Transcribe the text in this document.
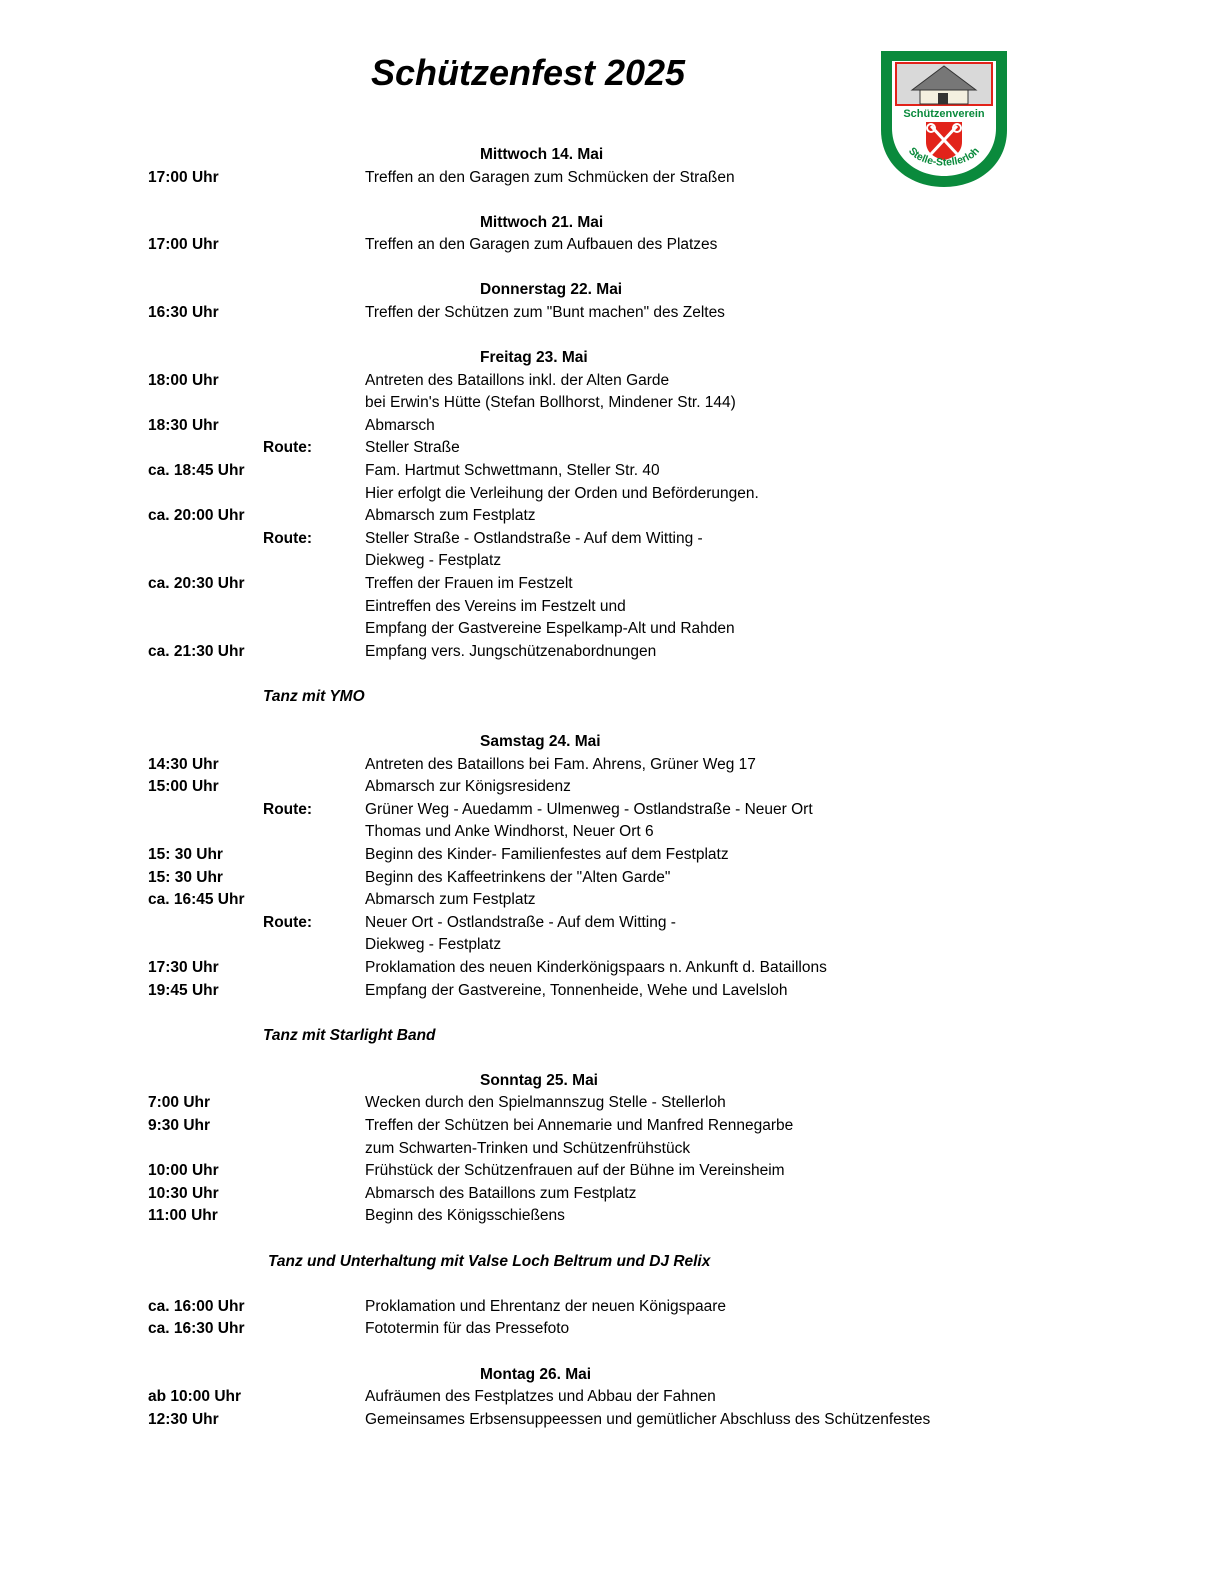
Schützenfest 2025
Schützenverein
Stelle-Stellerloh
Mittwoch 14. Mai
17:00 Uhr	Treffen an den Garagen zum Schmücken der Straßen
Mittwoch 21. Mai
17:00 Uhr	Treffen an den Garagen zum Aufbauen des Platzes
Donnerstag 22. Mai
16:30 Uhr	Treffen der Schützen zum "Bunt machen" des Zeltes
Freitag 23. Mai
18:00 Uhr	Antreten des Bataillons inkl. der Alten Garde
bei Erwin's Hütte (Stefan Bollhorst, Mindener Str. 144)
18:30 Uhr	Abmarsch
Route:	Steller Straße
ca. 18:45 Uhr	Fam. Hartmut Schwettmann, Steller Str. 40
Hier erfolgt die Verleihung der Orden und Beförderungen.
ca. 20:00 Uhr	Abmarsch zum Festplatz
Route:	Steller Straße - Ostlandstraße - Auf dem Witting -
Diekweg - Festplatz
ca. 20:30 Uhr	Treffen der Frauen im Festzelt
Eintreffen des Vereins im Festzelt und
Empfang der Gastvereine Espelkamp-Alt und Rahden
ca. 21:30 Uhr	Empfang vers. Jungschützenabordnungen
Tanz mit YMO
Samstag 24. Mai
14:30 Uhr	Antreten des Bataillons bei Fam. Ahrens, Grüner Weg 17
15:00 Uhr	Abmarsch zur Königsresidenz
Route:	Grüner Weg - Auedamm - Ulmenweg - Ostlandstraße - Neuer Ort
Thomas und Anke Windhorst, Neuer Ort 6
15: 30 Uhr	Beginn des Kinder- Familienfestes auf dem Festplatz
15: 30 Uhr	Beginn des Kaffeetrinkens der "Alten Garde"
ca. 16:45 Uhr	Abmarsch zum Festplatz
Route:	Neuer Ort - Ostlandstraße - Auf dem Witting -
Diekweg - Festplatz
17:30 Uhr	Proklamation des neuen Kinderkönigspaars n. Ankunft d. Bataillons
19:45 Uhr	Empfang der Gastvereine, Tonnenheide, Wehe und Lavelsloh
Tanz mit Starlight Band
Sonntag 25. Mai
7:00 Uhr	Wecken durch den Spielmannszug Stelle - Stellerloh
9:30 Uhr	Treffen der Schützen bei Annemarie und Manfred Rennegarbe
zum Schwarten-Trinken und Schützenfrühstück
10:00 Uhr	Frühstück der Schützenfrauen auf der Bühne im Vereinsheim
10:30 Uhr	Abmarsch des Bataillons zum Festplatz
11:00 Uhr	Beginn des Königsschießens
Tanz und Unterhaltung mit Valse Loch Beltrum und DJ Relix
ca. 16:00 Uhr	Proklamation und Ehrentanz der neuen Königspaare
ca. 16:30 Uhr	Fototermin für das Pressefoto
Montag 26. Mai
ab 10:00 Uhr	Aufräumen des Festplatzes und Abbau der Fahnen
12:30 Uhr	Gemeinsames Erbsensuppeessen und gemütlicher Abschluss des Schützenfestes
